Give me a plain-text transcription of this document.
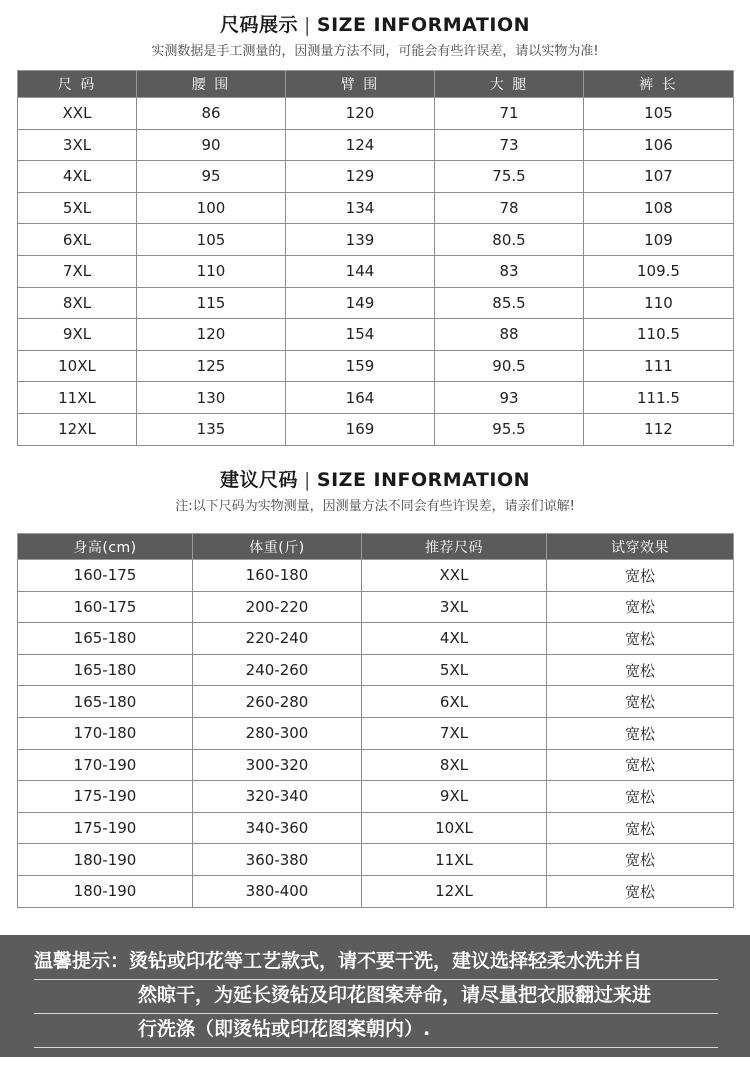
尺码展示 | SIZE INFORMATION
实测数据是手工测量的，因测量方法不同，可能会有些许误差，请以实物为准!
尺 码	腰 围	臂 围	大 腿	裤 长
XXL	86	120	71	105
3XL	90	124	73	106
4XL	95	129	75.5	107
5XL	100	134	78	108
6XL	105	139	80.5	109
7XL	110	144	83	109.5
8XL	115	149	85.5	110
9XL	120	154	88	110.5
10XL	125	159	90.5	111
11XL	130	164	93	111.5
12XL	135	169	95.5	112
建议尺码 | SIZE INFORMATION
注:以下尺码为实物测量，因测量方法不同会有些许误差，请亲们谅解!
身高(cm)	体重(斤)	推荐尺码	试穿效果
160-175	160-180	XXL	宽松
160-175	200-220	3XL	宽松
165-180	220-240	4XL	宽松
165-180	240-260	5XL	宽松
165-180	260-280	6XL	宽松
170-180	280-300	7XL	宽松
170-190	300-320	8XL	宽松
175-190	320-340	9XL	宽松
175-190	340-360	10XL	宽松
180-190	360-380	11XL	宽松
180-190	380-400	12XL	宽松
温馨提示：烫钻或印花等工艺款式，请不要干洗，建议选择轻柔水洗并自
然晾干，为延长烫钻及印花图案寿命，请尽量把衣服翻过来进
行洗涤（即烫钻或印花图案朝内）.
